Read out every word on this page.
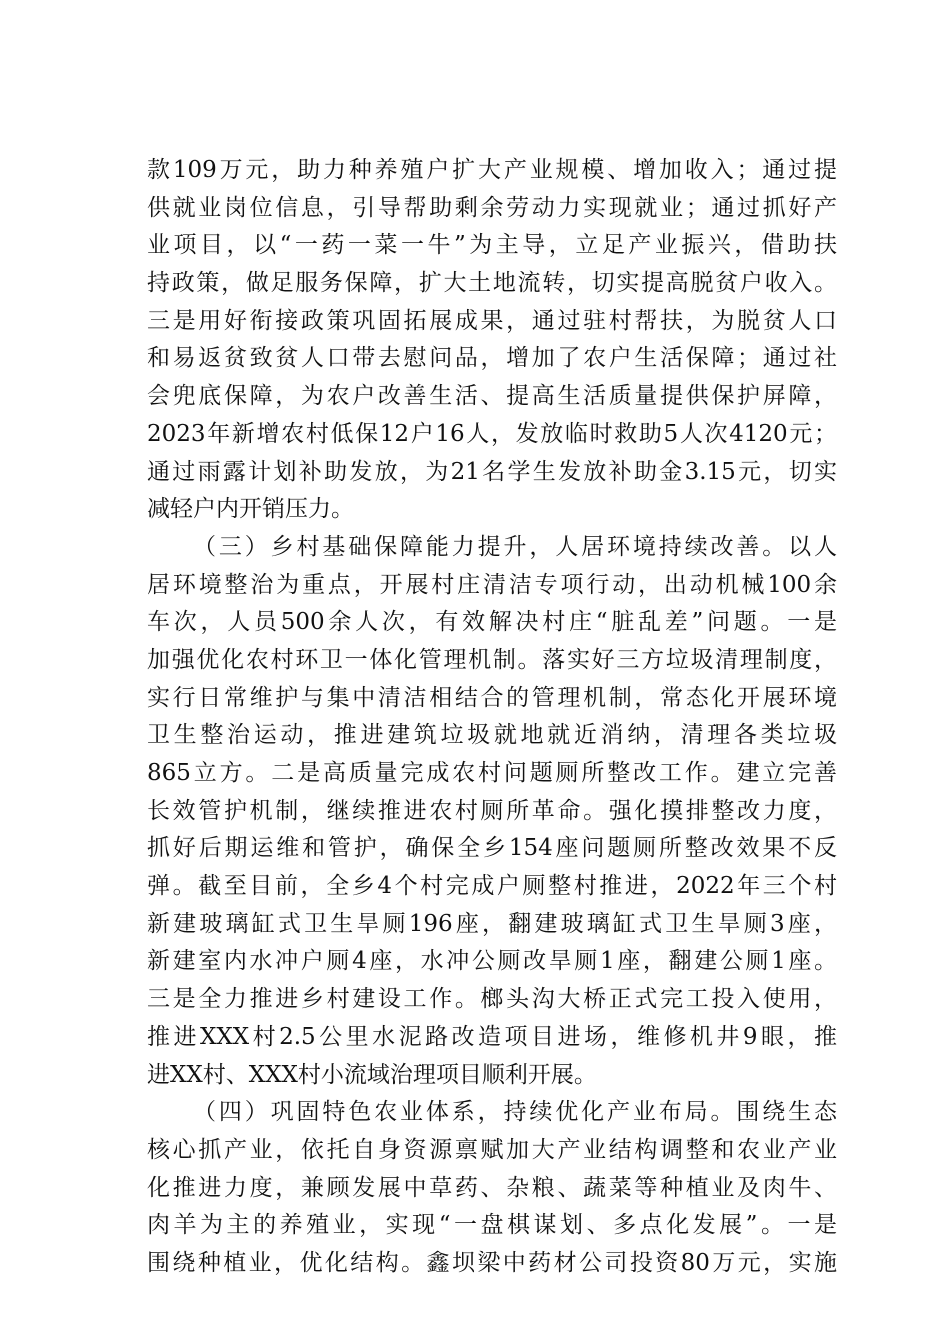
款109万元，助力种养殖户扩大产业规模、增加收入；通过提
供就业岗位信息，引导帮助剩余劳动力实现就业；通过抓好产
业项目，以“一药一菜一牛”为主导，立足产业振兴，借助扶
持政策，做足服务保障，扩大土地流转，切实提高脱贫户收入。
三是用好衔接政策巩固拓展成果，通过驻村帮扶，为脱贫人口
和易返贫致贫人口带去慰问品，增加了农户生活保障；通过社
会兜底保障，为农户改善生活、提高生活质量提供保护屏障，
2023年新增农村低保12户16人，发放临时救助5人次4120元；
通过雨露计划补助发放，为21名学生发放补助金3.15元，切实
减轻户内开销压力。
（三）乡村基础保障能力提升，人居环境持续改善。以人
居环境整治为重点，开展村庄清洁专项行动，出动机械100余
车次，人员500余人次，有效解决村庄“脏乱差”问题。一是
加强优化农村环卫一体化管理机制。落实好三方垃圾清理制度，
实行日常维护与集中清洁相结合的管理机制，常态化开展环境
卫生整治运动，推进建筑垃圾就地就近消纳，清理各类垃圾
865立方。二是高质量完成农村问题厕所整改工作。建立完善
长效管护机制，继续推进农村厕所革命。强化摸排整改力度，
抓好后期运维和管护，确保全乡154座问题厕所整改效果不反
弹。截至目前，全乡4个村完成户厕整村推进，2022年三个村
新建玻璃缸式卫生旱厕196座，翻建玻璃缸式卫生旱厕3座，
新建室内水冲户厕4座，水冲公厕改旱厕1座，翻建公厕1座。
三是全力推进乡村建设工作。榔头沟大桥正式完工投入使用，
推进XXX村2.5公里水泥路改造项目进场，维修机井9眼，推
进XX村、XXX村小流域治理项目顺利开展。
（四）巩固特色农业体系，持续优化产业布局。围绕生态
核心抓产业，依托自身资源禀赋加大产业结构调整和农业产业
化推进力度，兼顾发展中草药、杂粮、蔬菜等种植业及肉牛、
肉羊为主的养殖业，实现“一盘棋谋划、多点化发展”。一是
围绕种植业，优化结构。鑫坝梁中药材公司投资80万元，实施
